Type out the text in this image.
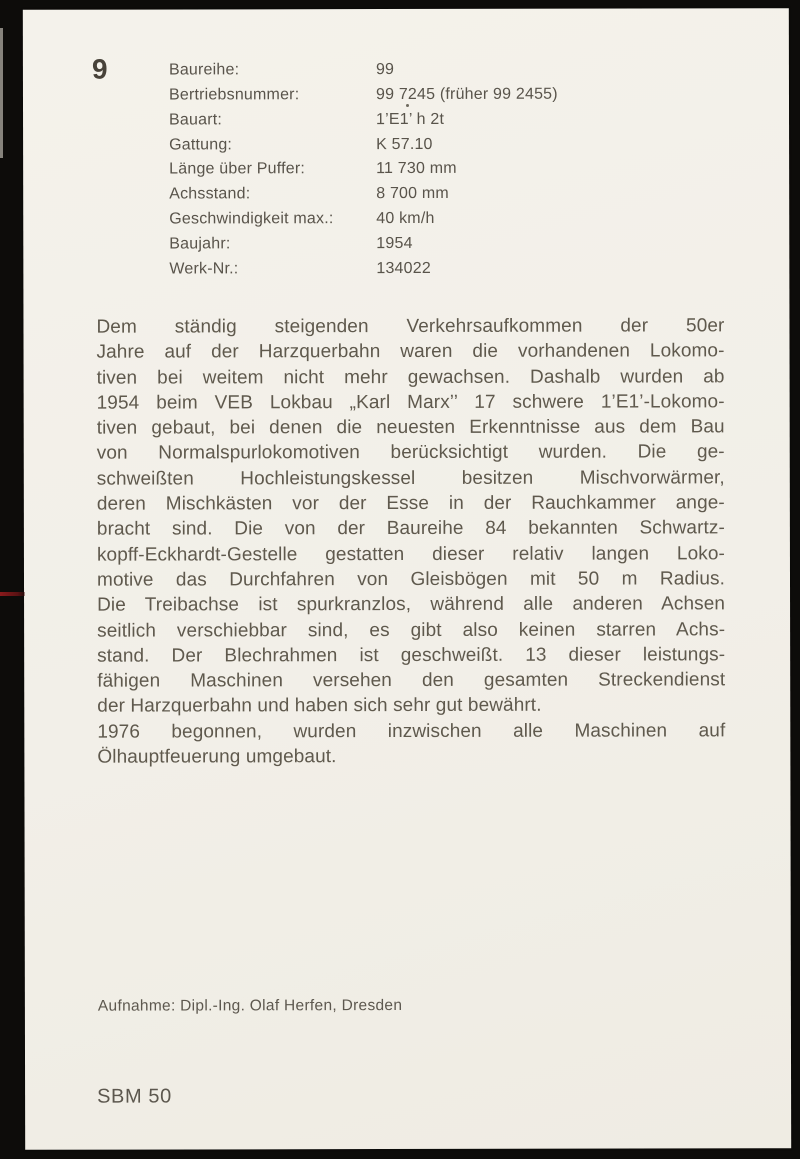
9	Baureihe:	99
Bertriebsnummer:	99 7245 (früher 99 2455)
Bauart:	1’E1’ h 2t
Gattung:	K 57.10
Länge über Puffer:	11 730 mm
Achsstand:	8 700 mm
Geschwindigkeit max.:	40 km/h
Baujahr:	1954
Werk-Nr.:	134022
Dem ständig steigenden Verkehrsaufkommen der 50er
Jahre auf der Harzquerbahn waren die vorhandenen Lokomo-
tiven bei weitem nicht mehr gewachsen. Dashalb wurden ab
1954 beim VEB Lokbau „Karl Marx’’ 17 schwere 1’E1’-Lokomo-
tiven gebaut, bei denen die neuesten Erkenntnisse aus dem Bau
von Normalspurlokomotiven berücksichtigt wurden. Die ge-
schweißten Hochleistungskessel besitzen Mischvorwärmer,
deren Mischkästen vor der Esse in der Rauchkammer ange-
bracht sind. Die von der Baureihe 84 bekannten Schwartz-
kopff-Eckhardt-Gestelle gestatten dieser relativ langen Loko-
motive das Durchfahren von Gleisbögen mit 50 m Radius.
Die Treibachse ist spurkranzlos, während alle anderen Achsen
seitlich verschiebbar sind, es gibt also keinen starren Achs-
stand. Der Blechrahmen ist geschweißt. 13 dieser leistungs-
fähigen Maschinen versehen den gesamten Streckendienst
der Harzquerbahn und haben sich sehr gut bewährt.
1976 begonnen, wurden inzwischen alle Maschinen auf
Ölhauptfeuerung umgebaut.
Aufnahme: Dipl.-Ing. Olaf Herfen, Dresden
SBM 50
